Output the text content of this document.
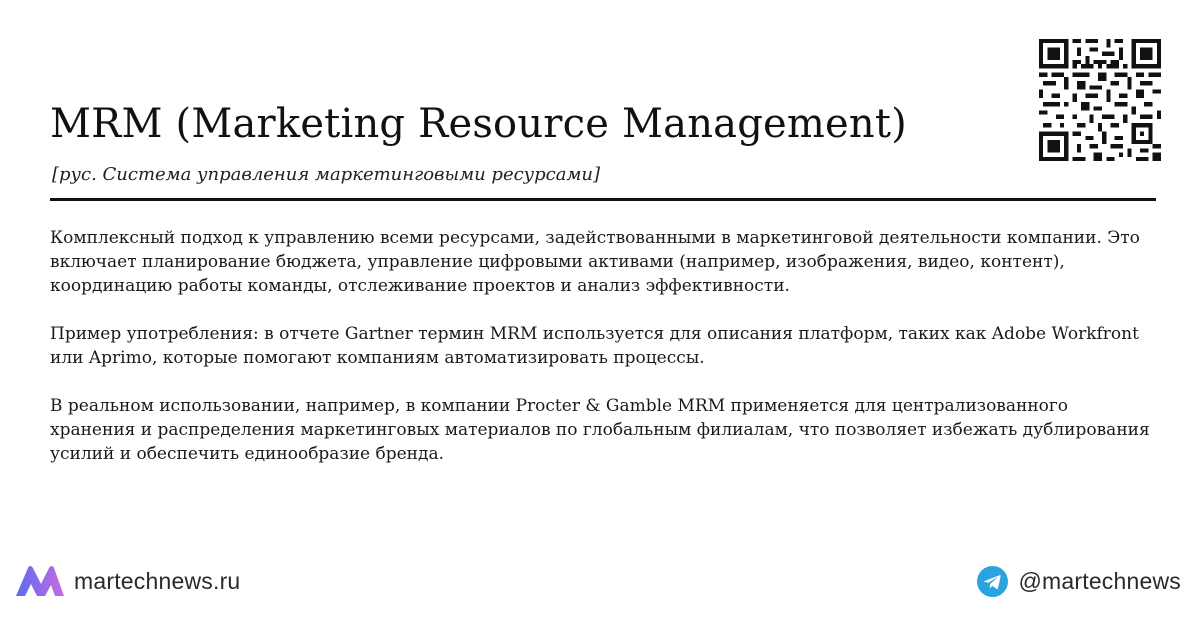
MRM (Marketing Resource Management)
[рус. Система управления маркетинговыми ресурсами]

Комплексный подход к управлению всеми ресурсами, задействованными в маркетинговой деятельности компании. Это включает планирование бюджета, управление цифровыми активами (например, изображения, видео, контент), координацию работы команды, отслеживание проектов и анализ эффективности.

Пример употребления: в отчете Gartner термин MRM используется для описания платформ, таких как Adobe Workfront или Aprimo, которые помогают компаниям автоматизировать процессы.

В реальном использовании, например, в компании Procter & Gamble MRM применяется для централизованного хранения и распределения маркетинговых материалов по глобальным филиалам, что позволяет избежать дублирования усилий и обеспечить единообразие бренда.

martechnews.ru	@martechnews
